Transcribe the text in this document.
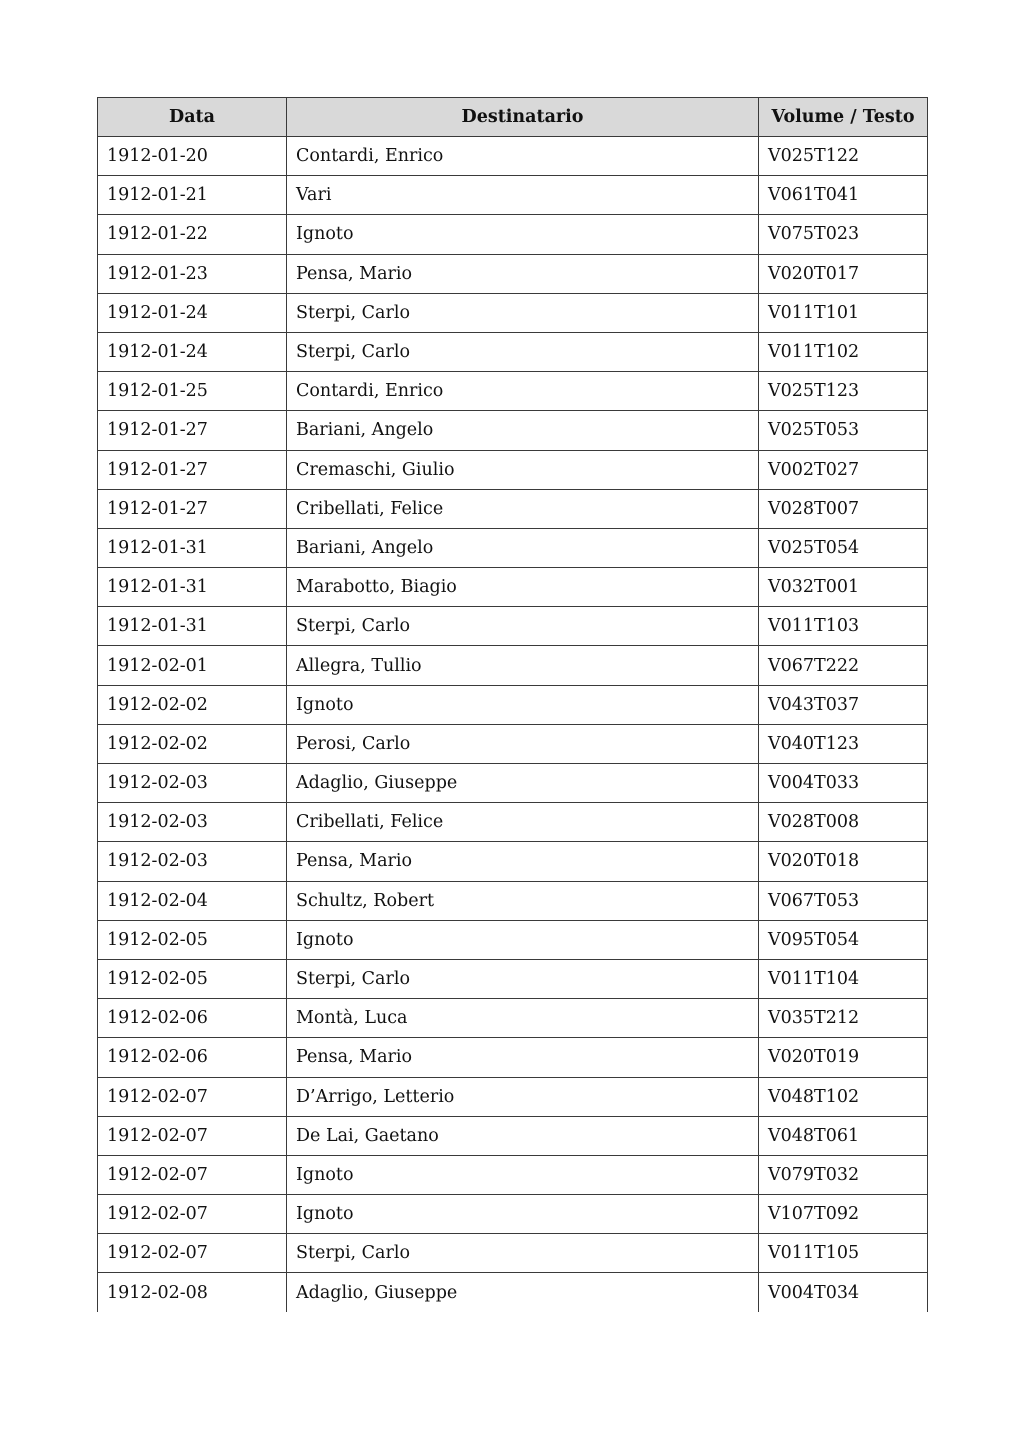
Data	Destinatario	Volume / Testo
1912-01-20	Contardi, Enrico	V025T122
1912-01-21	Vari	V061T041
1912-01-22	Ignoto	V075T023
1912-01-23	Pensa, Mario	V020T017
1912-01-24	Sterpi, Carlo	V011T101
1912-01-24	Sterpi, Carlo	V011T102
1912-01-25	Contardi, Enrico	V025T123
1912-01-27	Bariani, Angelo	V025T053
1912-01-27	Cremaschi, Giulio	V002T027
1912-01-27	Cribellati, Felice	V028T007
1912-01-31	Bariani, Angelo	V025T054
1912-01-31	Marabotto, Biagio	V032T001
1912-01-31	Sterpi, Carlo	V011T103
1912-02-01	Allegra, Tullio	V067T222
1912-02-02	Ignoto	V043T037
1912-02-02	Perosi, Carlo	V040T123
1912-02-03	Adaglio, Giuseppe	V004T033
1912-02-03	Cribellati, Felice	V028T008
1912-02-03	Pensa, Mario	V020T018
1912-02-04	Schultz, Robert	V067T053
1912-02-05	Ignoto	V095T054
1912-02-05	Sterpi, Carlo	V011T104
1912-02-06	Montà, Luca	V035T212
1912-02-06	Pensa, Mario	V020T019
1912-02-07	D’Arrigo, Letterio	V048T102
1912-02-07	De Lai, Gaetano	V048T061
1912-02-07	Ignoto	V079T032
1912-02-07	Ignoto	V107T092
1912-02-07	Sterpi, Carlo	V011T105
1912-02-08	Adaglio, Giuseppe	V004T034
